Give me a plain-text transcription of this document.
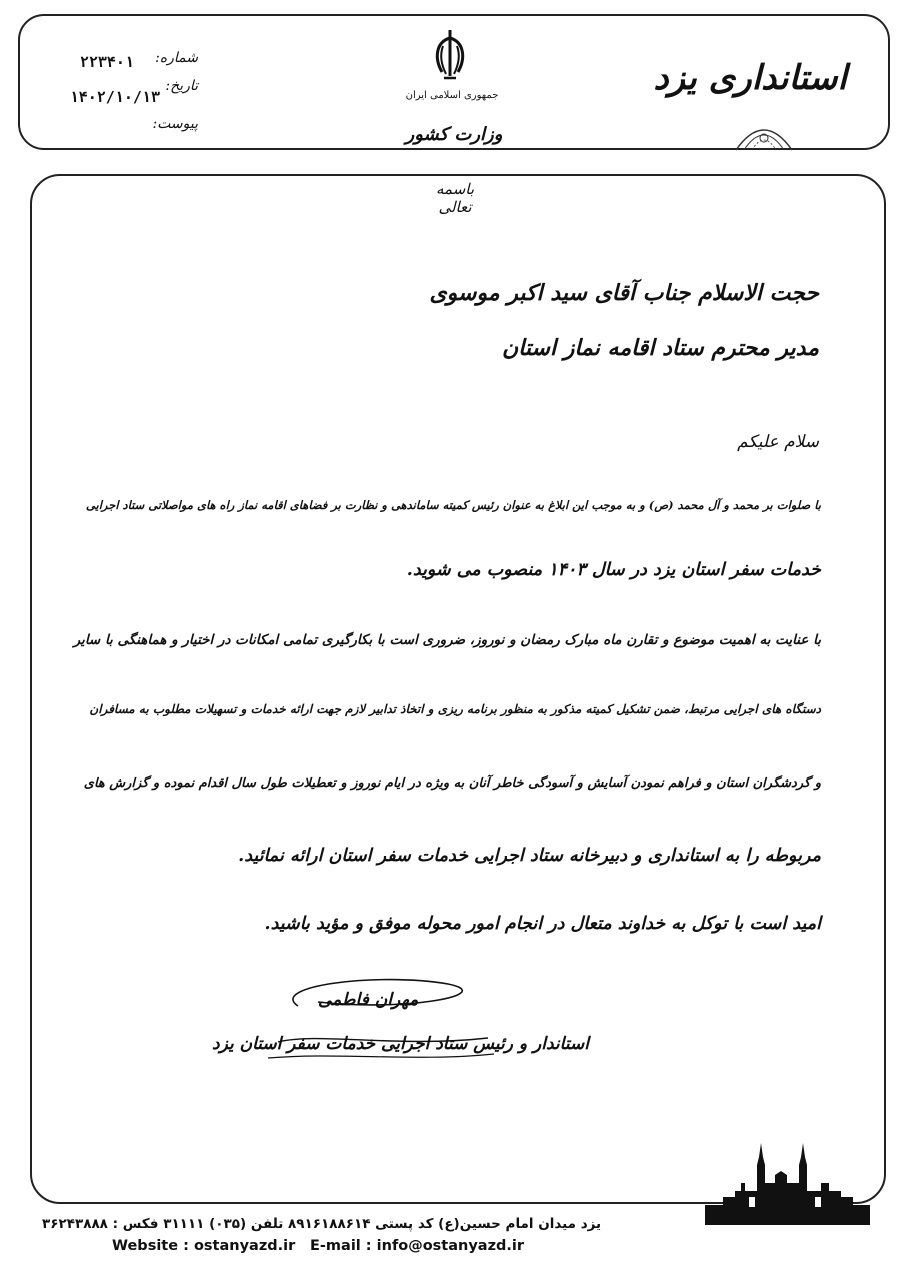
استانداری یزد
جمهوری اسلامی ایران
وزارت کشور
شماره:
۲۲۳۴۰۱
تاریخ:
۱۴۰۲/۱۰/۱۳
پیوست:
باسمه تعالی
حجت الاسلام جناب آقای سید اکبر موسوی
مدیر محترم ستاد اقامه نماز استان
سلام علیکم
با صلوات بر محمد و آل محمد (ص) و به موجب این ابلاغ به عنوان رئیس کمیته ساماندهی و نظارت بر فضاهای اقامه نماز راه های مواصلاتی ستاد اجرایی
خدمات سفر استان یزد در سال ۱۴۰۳ منصوب می شوید.
با عنایت به اهمیت موضوع و تقارن ماه مبارک رمضان و نوروز، ضروری است با بکارگیری تمامی امکانات در اختیار و هماهنگی با سایر
دستگاه های اجرایی مرتبط، ضمن تشکیل کمیته مذکور به منظور برنامه ریزی و اتخاذ تدابیر لازم جهت ارائه خدمات و تسهیلات مطلوب به مسافران
و گردشگران استان و فراهم نمودن آسایش و آسودگی خاطر آنان به ویژه در ایام نوروز و تعطیلات طول سال اقدام نموده و گزارش های
مربوطه را به استانداری و دبیرخانه ستاد اجرایی خدمات سفر استان ارائه نمائید.
امید است با توکل به خداوند متعال در انجام امور محوله موفق و مؤید باشید.
مهران فاطمی
استاندار و رئیس ستاد اجرایی خدمات سفر استان یزد
یزد میدان امام حسین(ع) کد پستی ۸۹۱۶۱۸۸۶۱۴ تلفن (۰۳۵) ۳۱۱۱۱ فکس : ۳۶۲۴۳۸۸۸
Website : ostanyazd.ir E-mail : info@ostanyazd.ir
